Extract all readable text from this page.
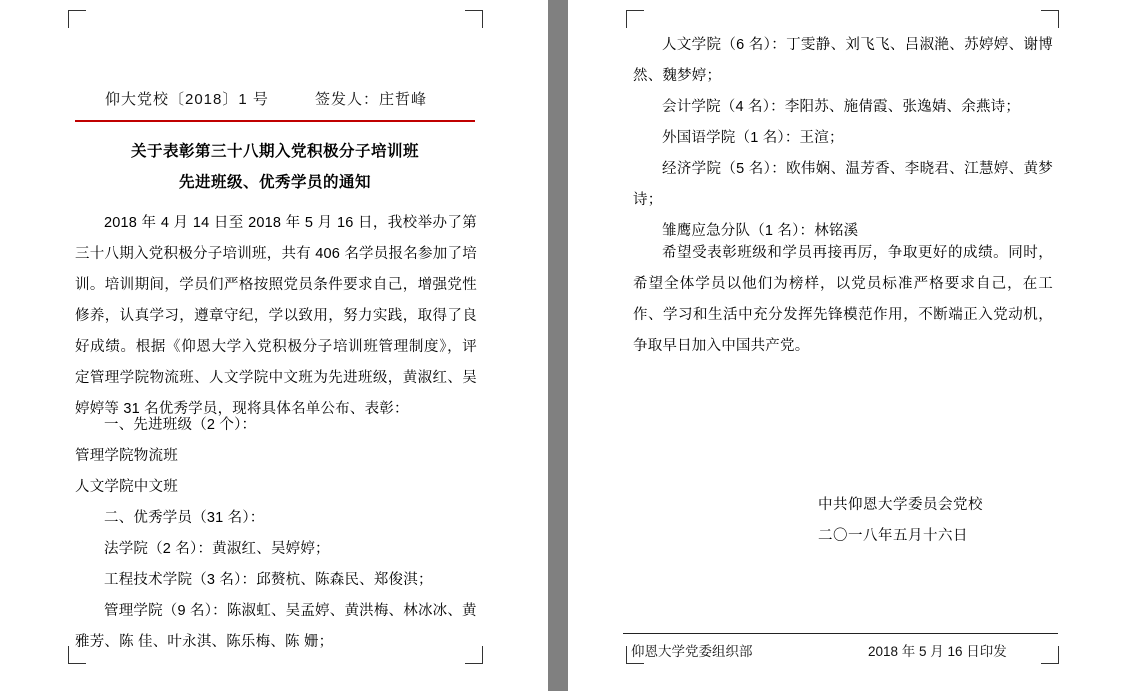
仰大党校〔2018〕1 号	签发人：庄哲峰
关于表彰第三十八期入党积极分子培训班
先进班级、优秀学员的通知

2018 年 4 月 14 日至 2018 年 5 月 16 日，我校举办了第三十八期入党积极分子培训班，共有 406 名学员报名参加了培训。培训期间，学员们严格按照党员条件要求自己，增强党性修养，认真学习，遵章守纪，学以致用，努力实践，取得了良好成绩。根据《仰恩大学入党积极分子培训班管理制度》，评定管理学院物流班、人文学院中文班为先进班级，黄淑红、吴婷婷等 31 名优秀学员，现将具体名单公布、表彰：

一、先进班级（2 个）：

管理学院物流班

人文学院中文班

二、优秀学员（31 名）：

法学院（2 名）：黄淑红、吴婷婷；

工程技术学院（3 名）：邱赘杭、陈森民、郑俊淇；

管理学院（9 名）：陈淑虹、吴孟婷、黄洪梅、林冰冰、黄雅芳、陈 佳、叶永淇、陈乐梅、陈 姗；

人文学院（6 名）：丁雯静、刘飞飞、吕淑滟、苏婷婷、谢博然、魏梦婷；

会计学院（4 名）：李阳苏、施倩霞、张逸婧、余燕诗；

外国语学院（1 名）：王渲；

经济学院（5 名）：欧伟娴、温芳香、李晓君、江慧婷、黄梦诗；

雏鹰应急分队（1 名）：林铭溪

希望受表彰班级和学员再接再厉，争取更好的成绩。同时，希望全体学员以他们为榜样，以党员标准严格要求自己，在工作、学习和生活中充分发挥先锋模范作用，不断端正入党动机，争取早日加入中国共产党。

中共仰恩大学委员会党校

二〇一八年五月十六日

仰恩大学党委组织部	2018 年 5 月 16 日印发
